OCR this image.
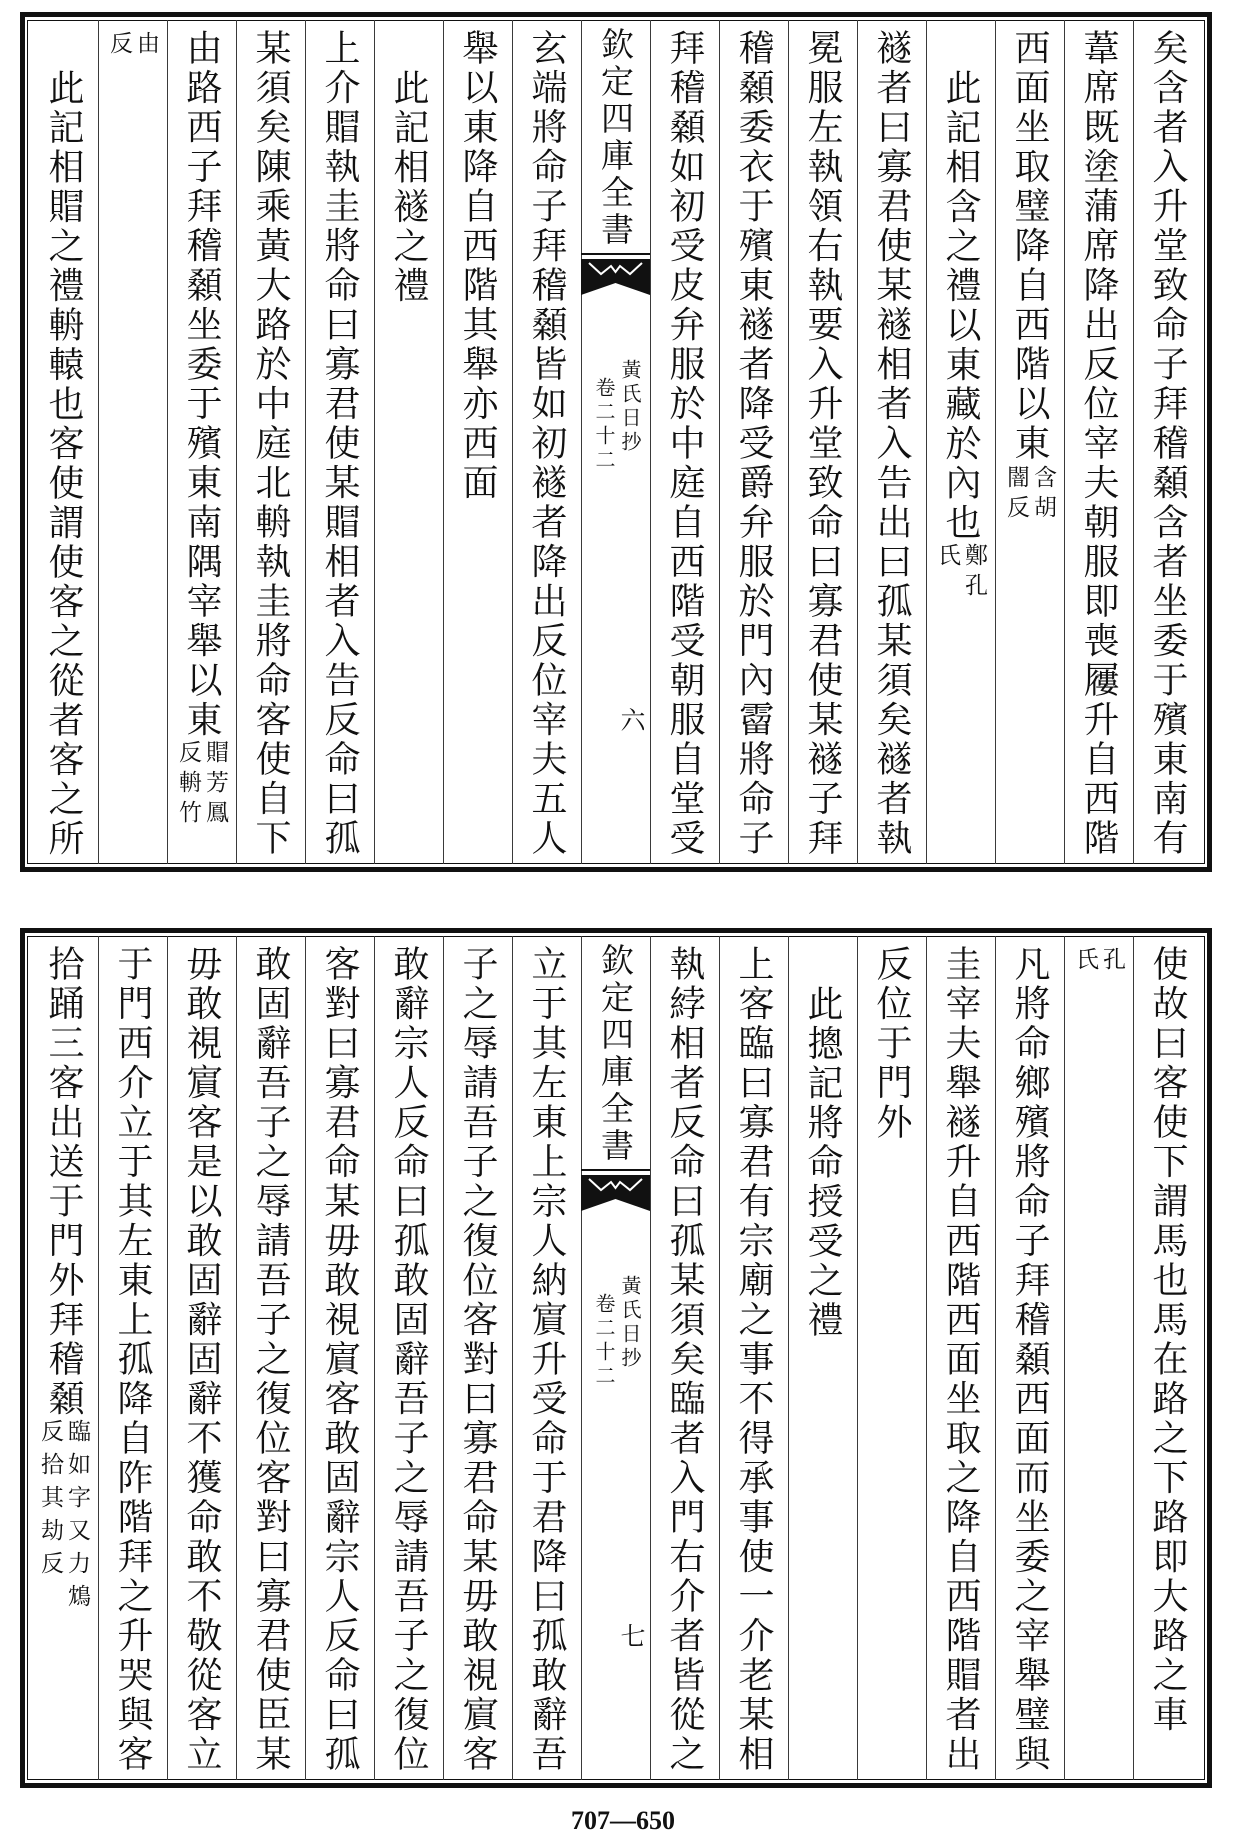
矣含者入升堂致命子拜稽顙含者坐委于殯東南有
葦席既塗蒲席降出反位宰夫朝服即喪屨升自西階
西面坐取璧降自西階以東
含胡
闇反
此記相含之禮以東藏於內也
鄭孔
氏
襚者曰寡君使某襚相者入告出曰孤某須矣襚者執
冕服左執領右執要入升堂致命曰寡君使某襚子拜
稽顙委衣于殯東襚者降受爵弁服於門內霤將命子
拜稽顙如初受皮弁服於中庭自西階受朝服自堂受
欽定四庫全書
黃氏日抄
卷二十二
六
玄端將命子拜稽顙皆如初襚者降出反位宰夫五人
舉以東降自西階其舉亦西面
此記相襚之禮
上介賵執圭將命曰寡君使某賵相者入告反命曰孤
某須矣陳乘黃大路於中庭北輈執圭將命客使自下
由路西子拜稽顙坐委于殯東南隅宰舉以東
賵芳鳳
反輈竹
由
反
此記相賵之禮輈轅也客使謂使客之從者客之所
使故曰客使下謂馬也馬在路之下路即大路之車
孔
氏
凡將命鄉殯將命子拜稽顙西面而坐委之宰舉璧與
圭宰夫舉襚升自西階西面坐取之降自西階賵者出
反位于門外
此摠記將命授受之禮
上客臨曰寡君有宗廟之事不得承事使一介老某相
執綍相者反命曰孤某須矣臨者入門右介者皆從之
欽定四庫全書
黃氏日抄
卷二十二
七
立于其左東上宗人納賔升受命于君降曰孤敢辭吾
子之辱請吾子之復位客對曰寡君命某毋敢視賔客
敢辭宗人反命曰孤敢固辭吾子之辱請吾子之復位
客對曰寡君命某毋敢視賔客敢固辭宗人反命曰孤
敢固辭吾子之辱請吾子之復位客對曰寡君使臣某
毋敢視賔客是以敢固辭固辭不獲命敢不敬從客立
于門西介立于其左東上孤降自阼階拜之升哭與客
拾踊三客出送于門外拜稽顙
臨如字又力鴆
反拾其劫反
707—650
